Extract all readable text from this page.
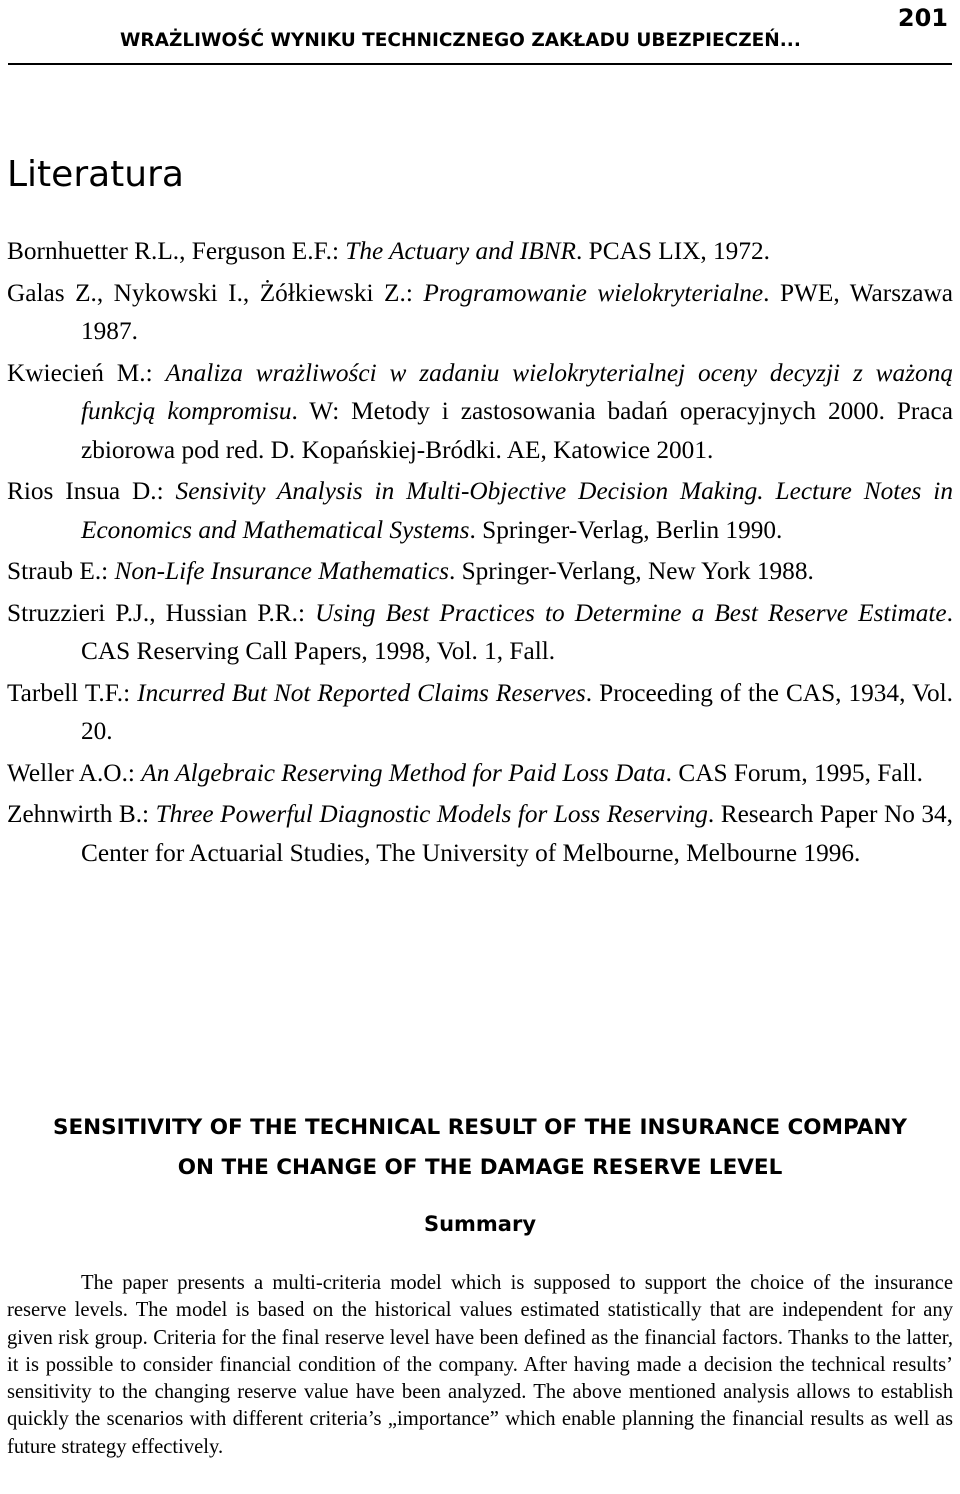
WRAŻLIWOŚĆ WYNIKU TECHNICZNEGO ZAKŁADU UBEZPIECZEŃ...
201
Literatura

Bornhuetter R.L., Ferguson E.F.: The Actuary and IBNR. PCAS LIX, 1972.

Galas Z., Nykowski I., Żółkiewski Z.: Programowanie wielokryterialne. PWE, Warszawa 1987.

Kwiecień M.: Analiza wrażliwości w zadaniu wielokryterialnej oceny decyzji z ważoną funkcją kompromisu. W: Metody i zastosowania badań operacyjnych 2000. Praca zbiorowa pod red. D. Kopańskiej-Bródki. AE, Katowice 2001.

Rios Insua D.: Sensivity Analysis in Multi-Objective Decision Making. Lecture Notes in Economics and Mathematical Systems. Springer-Verlag, Berlin 1990.

Straub E.: Non-Life Insurance Mathematics. Springer-Verlang, New York 1988.

Struzzieri P.J., Hussian P.R.: Using Best Practices to Determine a Best Reserve Estimate. CAS Reserving Call Papers, 1998, Vol. 1, Fall.

Tarbell T.F.: Incurred But Not Reported Claims Reserves. Proceeding of the CAS, 1934, Vol. 20.

Weller A.O.: An Algebraic Reserving Method for Paid Loss Data. CAS Forum, 1995, Fall.

Zehnwirth B.: Three Powerful Diagnostic Models for Loss Reserving. Research Paper No 34, Center for Actuarial Studies, The University of Melbourne, Melbourne 1996.

SENSITIVITY OF THE TECHNICAL RESULT OF THE INSURANCE COMPANY
ON THE CHANGE OF THE DAMAGE RESERVE LEVEL
Summary

The paper presents a multi-criteria model which is supposed to support the choice of the insurance reserve levels. The model is based on the historical values estimated statistically that are independent for any given risk group. Criteria for the final reserve level have been defined as the financial factors. Thanks to the latter, it is possible to consider financial condition of the company. After having made a decision the technical results’ sensitivity to the changing reserve value have been analyzed. The above mentioned analysis allows to establish quickly the scenarios with different criteria’s „importance” which enable planning the financial results as well as future strategy effectively.
